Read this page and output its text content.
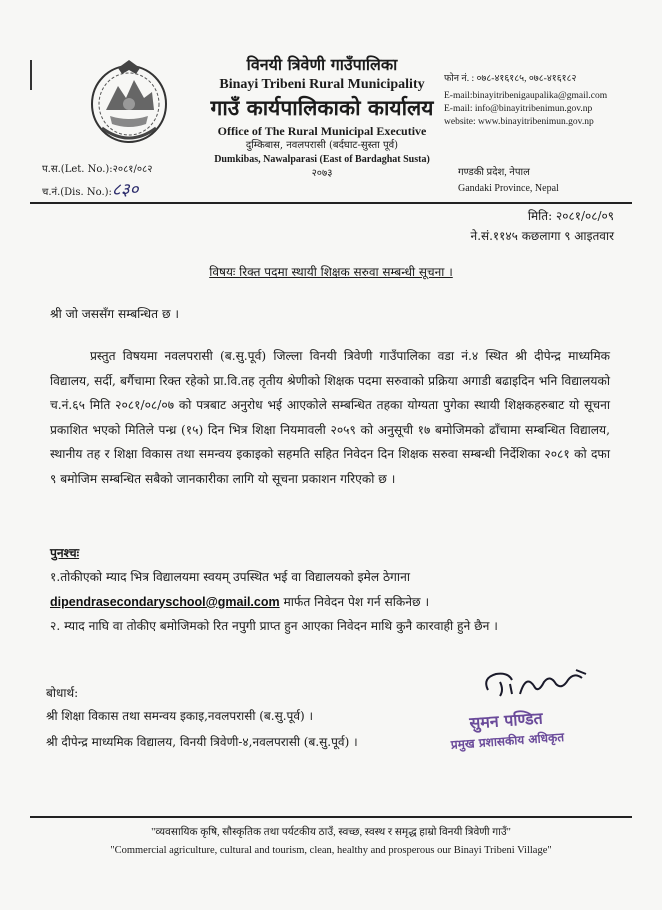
विनयी त्रिवेणी गाउँपालिका
Binayi Tribeni Rural Municipality
गाउँ कार्यपालिकाको कार्यालय
Office of The Rural Municipal Executive
दुम्किबास, नवलपरासी (बर्दघाट-सुस्ता पूर्व)
Dumkibas, Nawalparasi (East of Bardaghat Susta)
२०७३
फोन नं. : ०७८-४१६१८५, ०७८-४१६१८२
E-mail:binayitribenigaupalika@gmail.com
E-mail: info@binayitribenimun.gov.np
website: www.binayitribenimun.gov.np
गण्डकी प्रदेश, नेपाल
Gandaki Province, Nepal
प.स.(Let. No.):२०८१/०८२
च.नं.(Dis. No.):८३०
मिति: २०८१/०८/०९
ने.सं.११४५ कछलागा ९ आइतवार
विषयः रिक्त पदमा स्थायी शिक्षक सरुवा सम्बन्धी सूचना ।
श्री जो जससँग सम्बन्धित छ ।
प्रस्तुत विषयमा नवलपरासी (ब.सु.पूर्व) जिल्ला विनयी त्रिवेणी गाउँपालिका वडा नं.४ स्थित श्री दीपेन्द्र माध्यमिक विद्यालय, सर्दी, बर्गैचामा रिक्त रहेको प्रा.वि.तह तृतीय श्रेणीको शिक्षक पदमा सरुवाको प्रक्रिया अगाडी बढाइदिन भनि विद्यालयको च.नं.६५ मिति २०८१/०८/०७ को पत्रबाट अनुरोध भई आएकोले सम्बन्धित तहका योग्यता पुगेका स्थायी शिक्षकहरुबाट यो सूचना प्रकाशित भएको मितिले पन्ध्र (१५) दिन भित्र शिक्षा नियमावली २०५९ को अनुसूची १७ बमोजिमको ढाँचामा सम्बन्धित विद्यालय, स्थानीय तह र शिक्षा विकास तथा समन्वय इकाइको सहमति सहित निवेदन दिन शिक्षक सरुवा सम्बन्धी निर्देशिका २०८१ को दफा ९ बमोजिम सम्बन्धित सबैको जानकारीका लागि यो सूचना प्रकाशन गरिएको छ ।
पुनश्चः
१.तोकीएको म्याद भित्र विद्यालयमा स्वयम् उपस्थित भई वा विद्यालयको इमेल ठेगाना
dipendrasecondaryschool@gmail.com मार्फत निवेदन पेश गर्न सकिनेछ ।
२. म्याद नाघि वा तोकीए बमोजिमको रित नपुगी प्राप्त हुन आएका निवेदन माथि कुनै कारवाही हुने छैन ।
बोधार्थ:
श्री शिक्षा विकास तथा समन्वय इकाइ,नवलपरासी (ब.सु.पूर्व) ।
श्री दीपेन्द्र माध्यमिक विद्यालय, विनयी त्रिवेणी-४,नवलपरासी (ब.सु.पूर्व) ।
सुमन पण्डित
प्रमुख प्रशासकीय अधिकृत
"व्यवसायिक कृषि, सौस्कृतिक तथा पर्यटकीय ठाउँ, स्वच्छ, स्वस्थ र समृद्ध हाम्रो विनयी त्रिवेणी गाउँ"
"Commercial agriculture, cultural and tourism, clean, healthy and prosperous our Binayi Tribeni Village"
